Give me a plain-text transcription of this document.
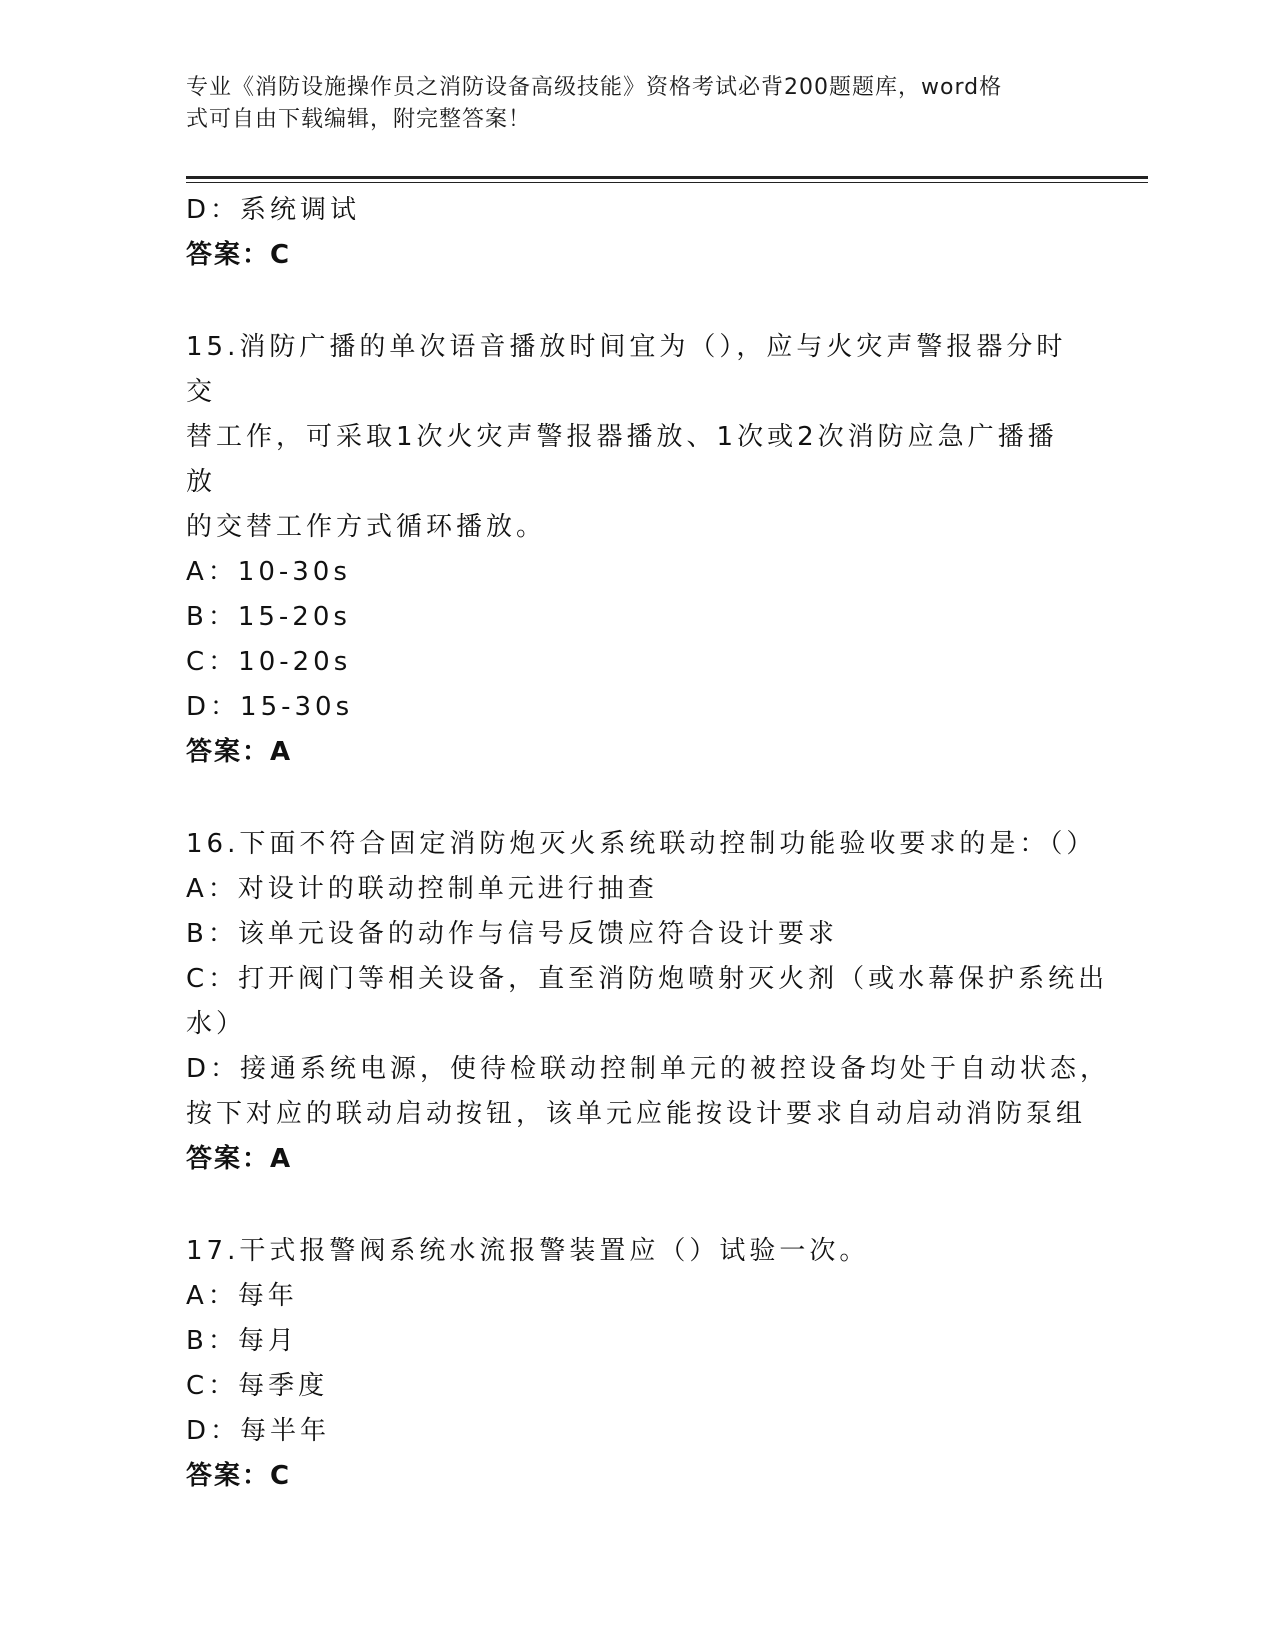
专业《消防设施操作员之消防设备高级技能》资格考试必背200题题库，word格
式可自由下载编辑，附完整答案！
D：系统调试
答案：C
15.消防广播的单次语音播放时间宜为（），应与火灾声警报器分时交
替工作，可采取1次火灾声警报器播放、1次或2次消防应急广播播放
的交替工作方式循环播放。
A：10-30s
B：15-20s
C：10-20s
D：15-30s
答案：A
16.下面不符合固定消防炮灭火系统联动控制功能验收要求的是：（）
A：对设计的联动控制单元进行抽查
B：该单元设备的动作与信号反馈应符合设计要求
C：打开阀门等相关设备，直至消防炮喷射灭火剂（或水幕保护系统出
水）
D：接通系统电源，使待检联动控制单元的被控设备均处于自动状态，
按下对应的联动启动按钮，该单元应能按设计要求自动启动消防泵组
答案：A
17.干式报警阀系统水流报警装置应（）试验一次。
A：每年
B：每月
C：每季度
D：每半年
答案：C
